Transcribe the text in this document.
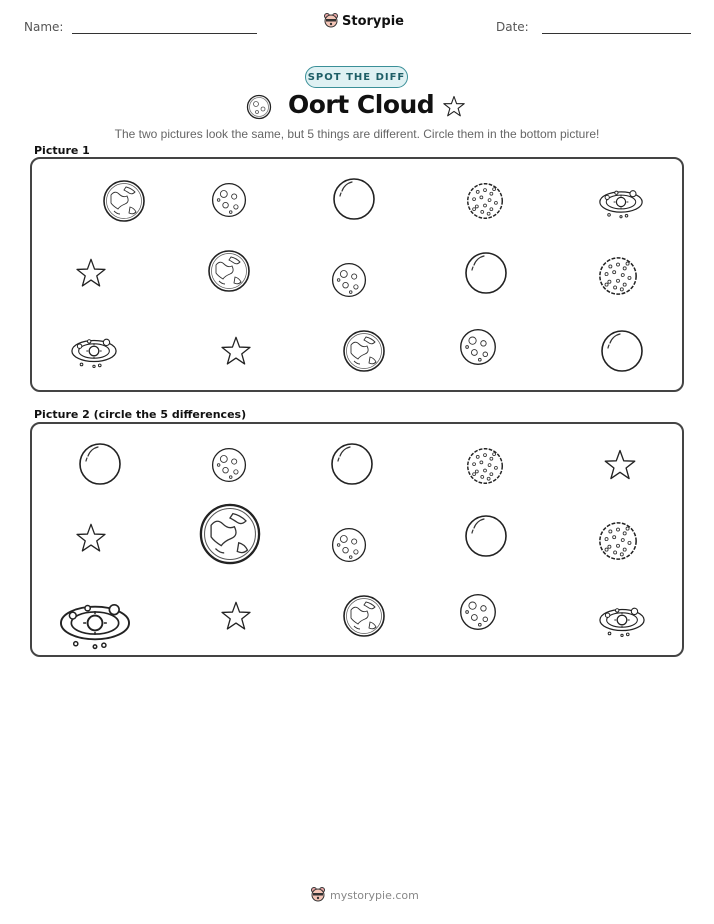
Name:	Storypie	Date:
SPOT THE DIFF
Oort Cloud
The two pictures look the same, but 5 things are different. Circle them in the bottom picture!
Picture 1
Picture 2 (circle the 5 differences)
mystorypie.com
